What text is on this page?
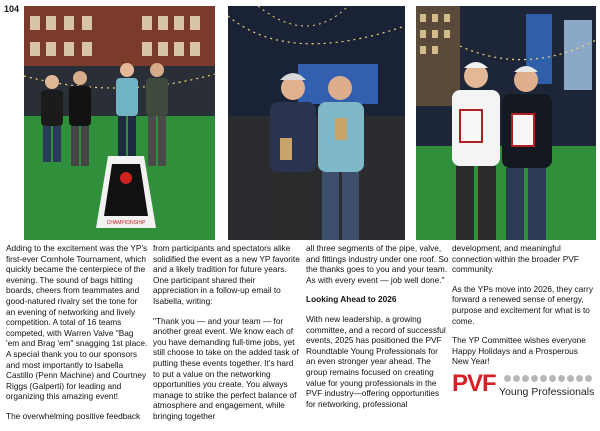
104
CHAMPIONSHIP

Adding to the excitement was the YP's first-ever Cornhole Tournament, which quickly became the centerpiece of the evening. The sound of bags hitting boards, cheers from teammates and good-natured rivalry set the tone for an evening of networking and lively competition. A total of 16 teams competed, with Warren Valve "Bag 'em and Brag 'em" snagging 1st place. A special thank you to our sponsors and most importantly to Isabella Castillo (Penn Machine) and Courtney Riggs (Galperti) for leading and organizing this amazing event!

The overwhelming positive feedback

from participants and spectators alike solidified the event as a new YP favorite and a likely tradition for future years. One participant shared their appreciation in a follow-up email to Isabella, writing:

"Thank you — and your team — for another great event. We know each of you have demanding full-time jobs, yet still choose to take on the added task of putting these events together. It's hard to put a value on the networking opportunities you create. You always manage to strike the perfect balance of atmosphere and engagement, while bringing together

all three segments of the pipe, valve, and fittings industry under one roof. So the thanks goes to you and your team. As with every event — job well done."

Looking Ahead to 2026

With new leadership, a growing committee, and a record of successful events, 2025 has positioned the PVF Roundtable Young Professionals for an even stronger year ahead. The group remains focused on creating value for young professionals in the PVF industry—offering opportunities for networking, professional

development, and meaningful connection within the broader PVF community.

As the YPs move into 2026, they carry forward a renewed sense of energy, purpose and excitement for what is to come.

The YP Committee wishes everyone Happy Holidays and a Prosperous New Year!

PVF Young Professionals
